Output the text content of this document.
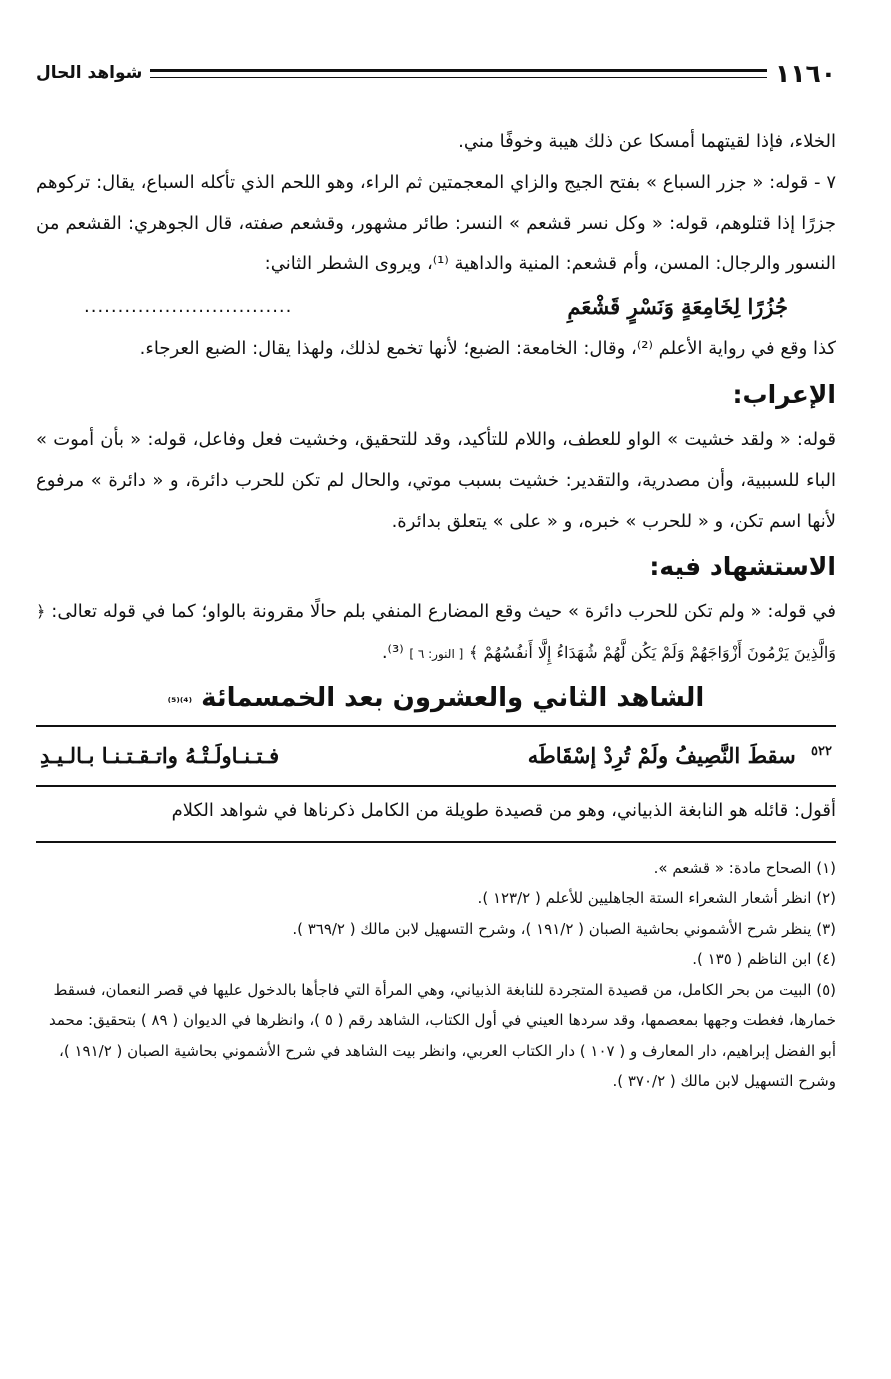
١١٦٠
شواهد الحال

الخلاء، فإذا لقيتهما أمسكا عن ذلك هيبة وخوفًا مني.

٧ - قوله: « جزر السباع » بفتح الجيج والزاي المعجمتين ثم الراء، وهو اللحم الذي تأكله السباع، يقال: تركوهم جزرًا إذا قتلوهم، قوله: « وكل نسر قشعم » النسر: طائر مشهور، وقشعم صفته، قال الجوهري: القشعم من النسور والرجال: المسن، وأم قشعم: المنية والداهية ⁽¹⁾، ويروى الشطر الثاني:

جُزُرًا لِخَامِعَةٍ وَنَسْرٍ قَشْعَمِ
...............................

كذا وقع في رواية الأعلم ⁽²⁾، وقال: الخامعة: الضبع؛ لأنها تخمع لذلك، ولهذا يقال: الضبع العرجاء.

الإعراب:

قوله: « ولقد خشيت » الواو للعطف، واللام للتأكيد، وقد للتحقيق، وخشيت فعل وفاعل، قوله: « بأن أموت » الباء للسببية، وأن مصدرية، والتقدير: خشيت بسبب موتي، والحال لم تكن للحرب دائرة، و « دائرة » مرفوع لأنها اسم تكن، و « للحرب » خبره، و « على » يتعلق بدائرة.

الاستشهاد فيه:

في قوله: « ولم تكن للحرب دائرة » حيث وقع المضارع المنفي بلم حالًا مقرونة بالواو؛ كما في قوله تعالى: ﴿ وَالَّذِينَ يَرْمُونَ أَزْوَاجَهُمْ وَلَمْ يَكُن لَّهُمْ شُهَدَاءُ إِلَّا أَنفُسُهُمْ ﴾ [ النور: ٦ ] ⁽³⁾.

الشاهد الثاني والعشرون بعد الخمسمائة ⁽⁴⁾⁽⁵⁾
$^{٥٢٢}$ سقطَ النَّصِيفُ ولَمْ تُرِدْ إسْقَاطَه
فـتـنـاولَـتْـهُ واتـقـتـنـا بـالـيـدِ

أقول: قائله هو النابغة الذبياني، وهو من قصيدة طويلة من الكامل ذكرناها في شواهد الكلام

(١) الصحاح مادة: « قشعم ».

(٢) انظر أشعار الشعراء الستة الجاهليين للأعلم ( ١٢٣/٢ ).

(٣) ينظر شرح الأشموني بحاشية الصبان ( ١٩١/٢ )، وشرح التسهيل لابن مالك ( ٣٦٩/٢ ).

(٤) ابن الناظم ( ١٣٥ ).

(٥) البيت من بحر الكامل، من قصيدة المتجردة للنابغة الذبياني، وهي المرأة التي فاجأها بالدخول عليها في قصر النعمان، فسقط خمارها، فغطت وجهها بمعصمها، وقد سردها العيني في أول الكتاب، الشاهد رقم ( ٥ )، وانظرها في الديوان ( ٨٩ ) بتحقيق: محمد أبو الفضل إبراهيم، دار المعارف و ( ١٠٧ ) دار الكتاب العربي، وانظر بيت الشاهد في شرح الأشموني بحاشية الصبان ( ١٩١/٢ )، وشرح التسهيل لابن مالك ( ٣٧٠/٢ ).
